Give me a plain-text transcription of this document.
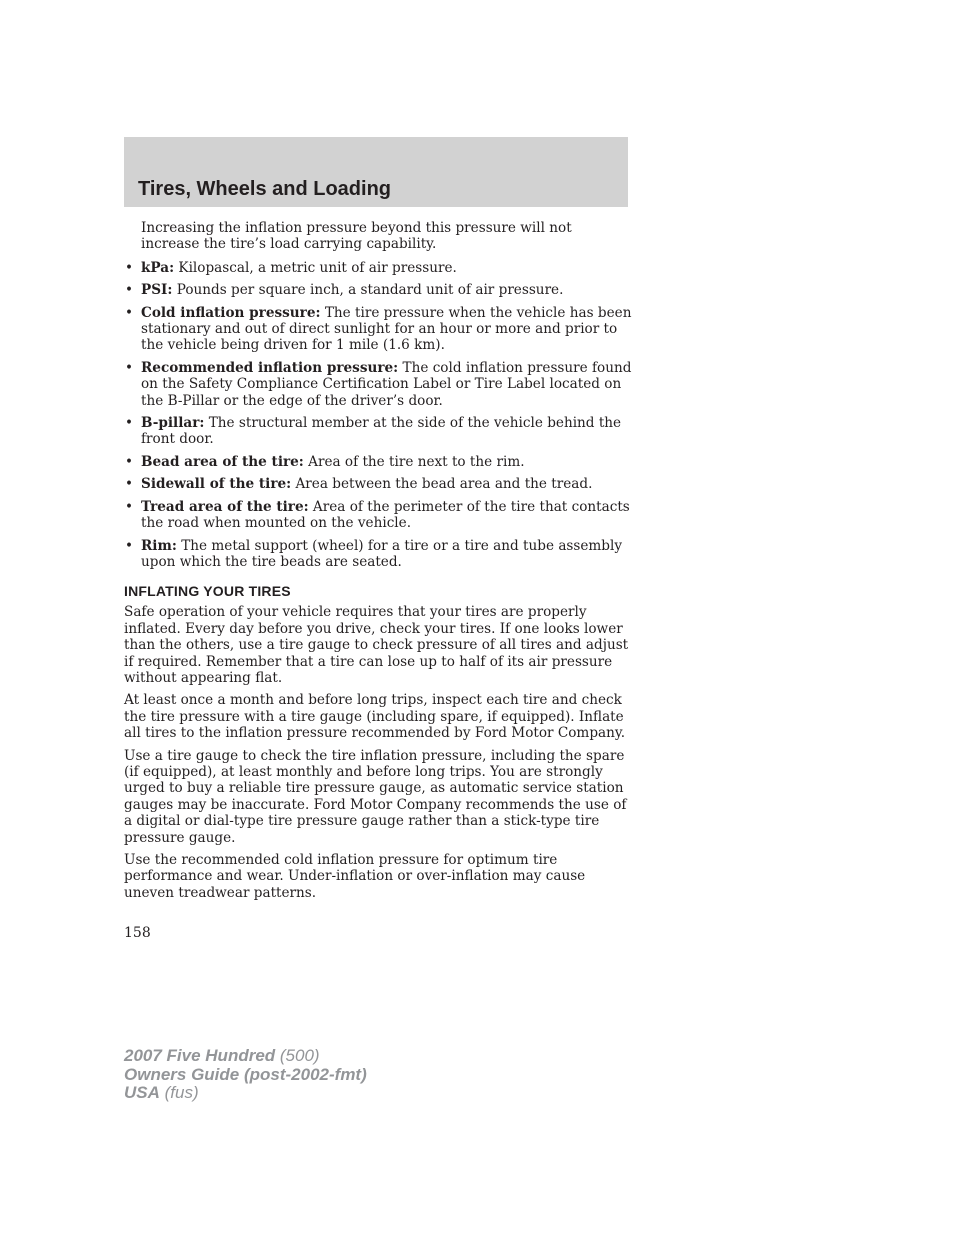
Tires, Wheels and Loading

Increasing the inflation pressure beyond this pressure will not increase the tire’s load carrying capability.

• kPa: Kilopascal, a metric unit of air pressure.
• PSI: Pounds per square inch, a standard unit of air pressure.
• Cold inflation pressure: The tire pressure when the vehicle has been stationary and out of direct sunlight for an hour or more and prior to the vehicle being driven for 1 mile (1.6 km).
• Recommended inflation pressure: The cold inflation pressure found on the Safety Compliance Certification Label or Tire Label located on the B-Pillar or the edge of the driver’s door.
• B-pillar: The structural member at the side of the vehicle behind the front door.
• Bead area of the tire: Area of the tire next to the rim.
• Sidewall of the tire: Area between the bead area and the tread.
• Tread area of the tire: Area of the perimeter of the tire that contacts the road when mounted on the vehicle.
• Rim: The metal support (wheel) for a tire or a tire and tube assembly upon which the tire beads are seated.
INFLATING YOUR TIRES

Safe operation of your vehicle requires that your tires are properly inflated. Every day before you drive, check your tires. If one looks lower than the others, use a tire gauge to check pressure of all tires and adjust if required. Remember that a tire can lose up to half of its air pressure without appearing flat.

At least once a month and before long trips, inspect each tire and check the tire pressure with a tire gauge (including spare, if equipped). Inflate all tires to the inflation pressure recommended by Ford Motor Company.

Use a tire gauge to check the tire inflation pressure, including the spare (if equipped), at least monthly and before long trips. You are strongly urged to buy a reliable tire pressure gauge, as automatic service station gauges may be inaccurate. Ford Motor Company recommends the use of a digital or dial-type tire pressure gauge rather than a stick-type tire pressure gauge.

Use the recommended cold inflation pressure for optimum tire performance and wear. Under-inflation or over-inflation may cause uneven treadwear patterns.

158
2007 Five Hundred (500)
Owners Guide (post-2002-fmt)
USA (fus)
